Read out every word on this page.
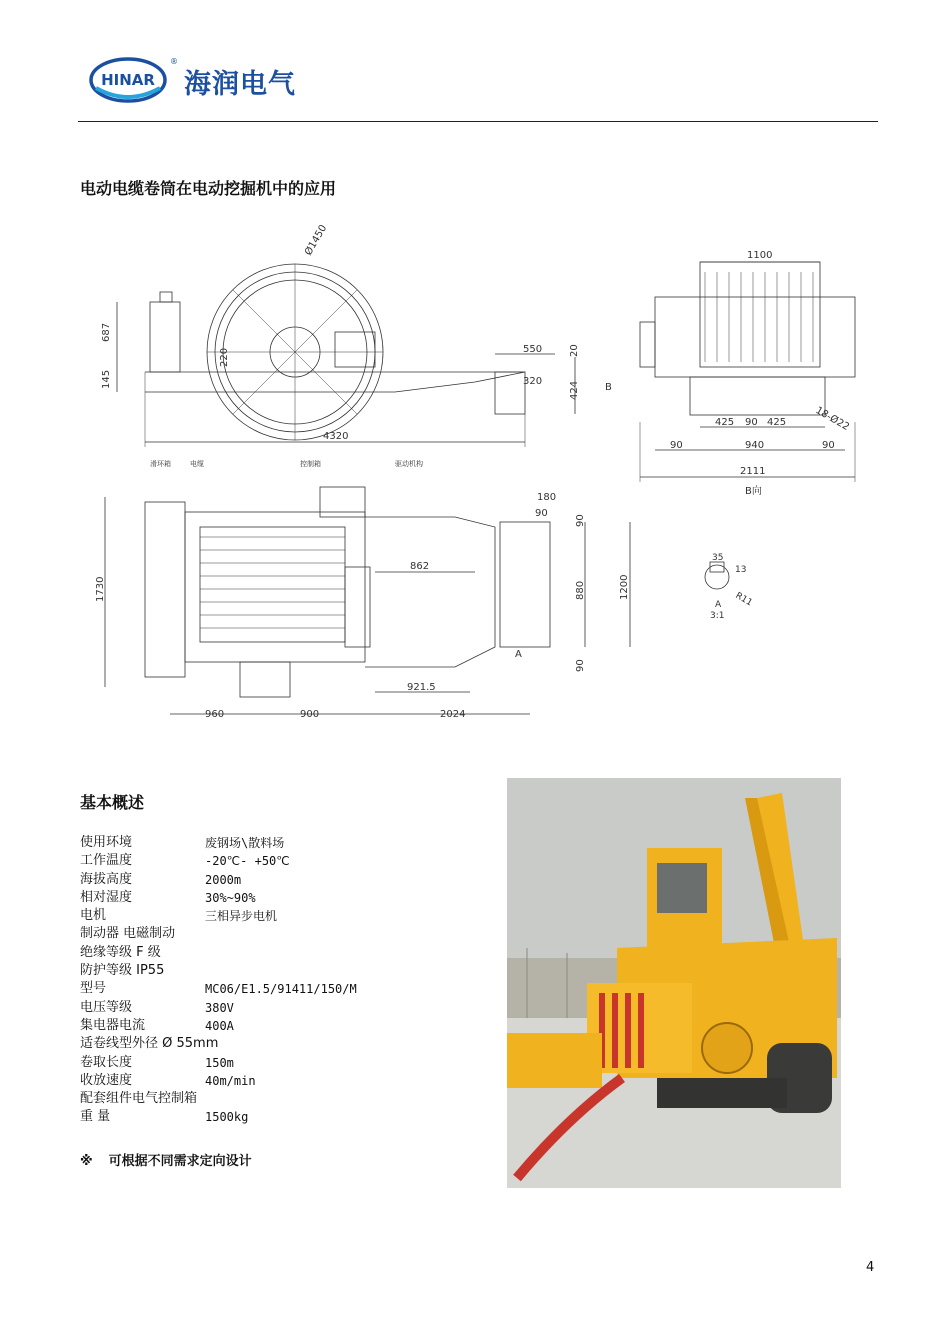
HINAR
®
海润电气
电动电缆卷筒在电动挖掘机中的应用
Ø1450
687
145
220	550	20
320	424	B
4320
1100
425 90 425	18-Ø22
90	940	90
2111
B向
1730
180
90
90
862
880	1200
90
A
921.5
960	900	2024
滑环箱	电缆	控制箱	驱动机构
35
13
R11
A
3:1
基本概述
使用环境	废钢场\散料场
工作温度	-20℃- +50℃
海拔高度	2000m
相对湿度	30%~90%
电机	三相异步电机
制动器 电磁制动
绝缘等级 F 级
防护等级 IP55
型号	MC06/E1.5/91411/150/M
电压等级	380V
集电器电流	400A
适卷线型外径 Ø 55mm
卷取长度	150m
收放速度	40m/min
配套组件电气控制箱
重 量	1500kg
※ 可根据不同需求定向设计
4
